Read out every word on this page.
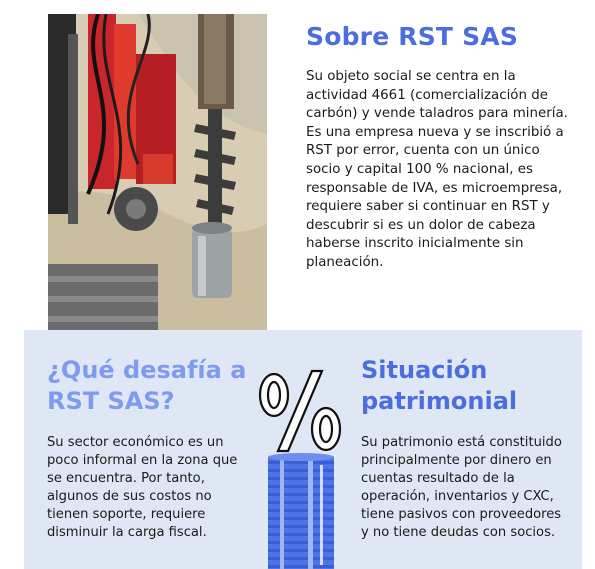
Sobre RST SAS

Su objeto social se centra en la actividad 4661 (comercialización de carbón) y vende taladros para minería. Es una empresa nueva y se inscribió a RST por error, cuenta con un único socio y capital 100 % nacional, es responsable de IVA, es microempresa, requiere saber si continuar en RST y descubrir si es un dolor de cabeza haberse inscrito inicialmente sin planeación.

¿Qué desafía a RST SAS?

Su sector económico es un poco informal en la zona que se encuentra. Por tanto, algunos de sus costos no tienen soporte, requiere disminuir la carga fiscal.

Situación patrimonial

Su patrimonio está constituido principalmente por dinero en cuentas resultado de la operación, inventarios y CXC, tiene pasivos con proveedores y no tiene deudas con socios.
